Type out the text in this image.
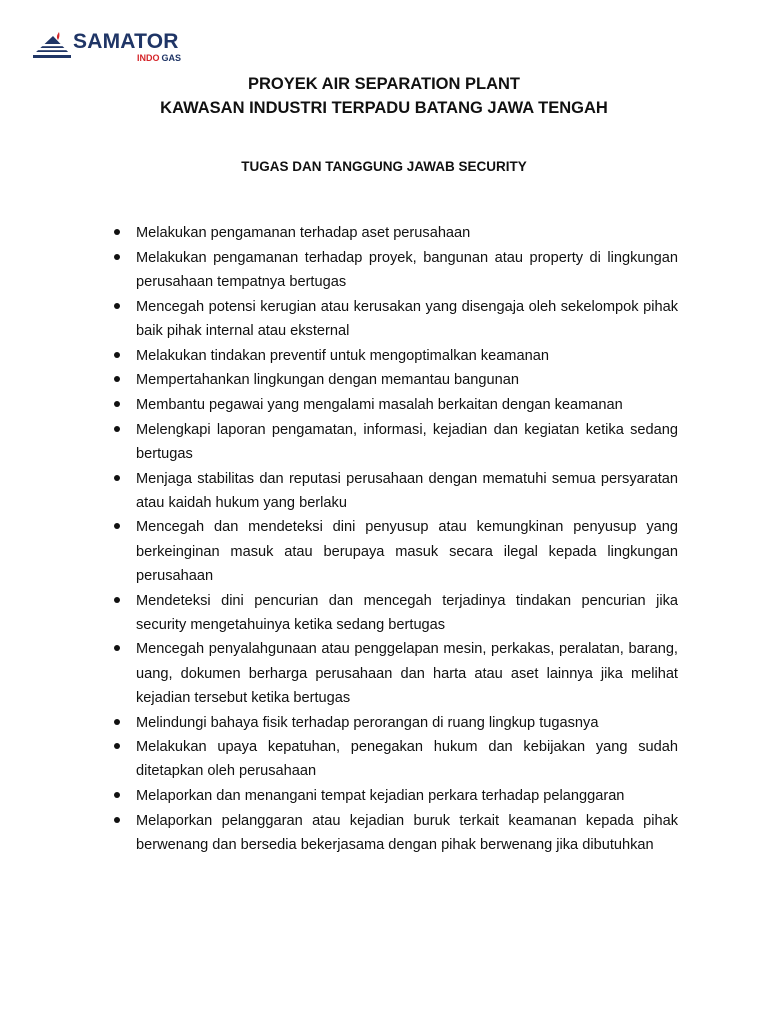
SAMATOR
INDO GAS
PROYEK AIR SEPARATION PLANT
KAWASAN INDUSTRI TERPADU BATANG JAWA TENGAH
TUGAS DAN TANGGUNG JAWAB SECURITY
Melakukan pengamanan terhadap aset perusahaan
Melakukan pengamanan terhadap proyek, bangunan atau property di lingkungan perusahaan tempatnya bertugas
Mencegah potensi kerugian atau kerusakan yang disengaja oleh sekelompok pihak baik pihak internal atau eksternal
Melakukan tindakan preventif untuk mengoptimalkan keamanan
Mempertahankan lingkungan dengan memantau bangunan
Membantu pegawai yang mengalami masalah berkaitan dengan keamanan
Melengkapi laporan pengamatan, informasi, kejadian dan kegiatan ketika sedang bertugas
Menjaga stabilitas dan reputasi perusahaan dengan mematuhi semua persyaratan atau kaidah hukum yang berlaku
Mencegah dan mendeteksi dini penyusup atau kemungkinan penyusup yang berkeinginan masuk atau berupaya masuk secara ilegal kepada lingkungan perusahaan
Mendeteksi dini pencurian dan mencegah terjadinya tindakan pencurian jika security mengetahuinya ketika sedang bertugas
Mencegah penyalahgunaan atau penggelapan mesin, perkakas, peralatan, barang, uang, dokumen berharga perusahaan dan harta atau aset lainnya jika melihat kejadian tersebut ketika bertugas
Melindungi bahaya fisik terhadap perorangan di ruang lingkup tugasnya
Melakukan upaya kepatuhan, penegakan hukum dan kebijakan yang sudah ditetapkan oleh perusahaan
Melaporkan dan menangani tempat kejadian perkara terhadap pelanggaran
Melaporkan pelanggaran atau kejadian buruk terkait keamanan kepada pihak berwenang dan bersedia bekerjasama dengan pihak berwenang jika dibutuhkan
